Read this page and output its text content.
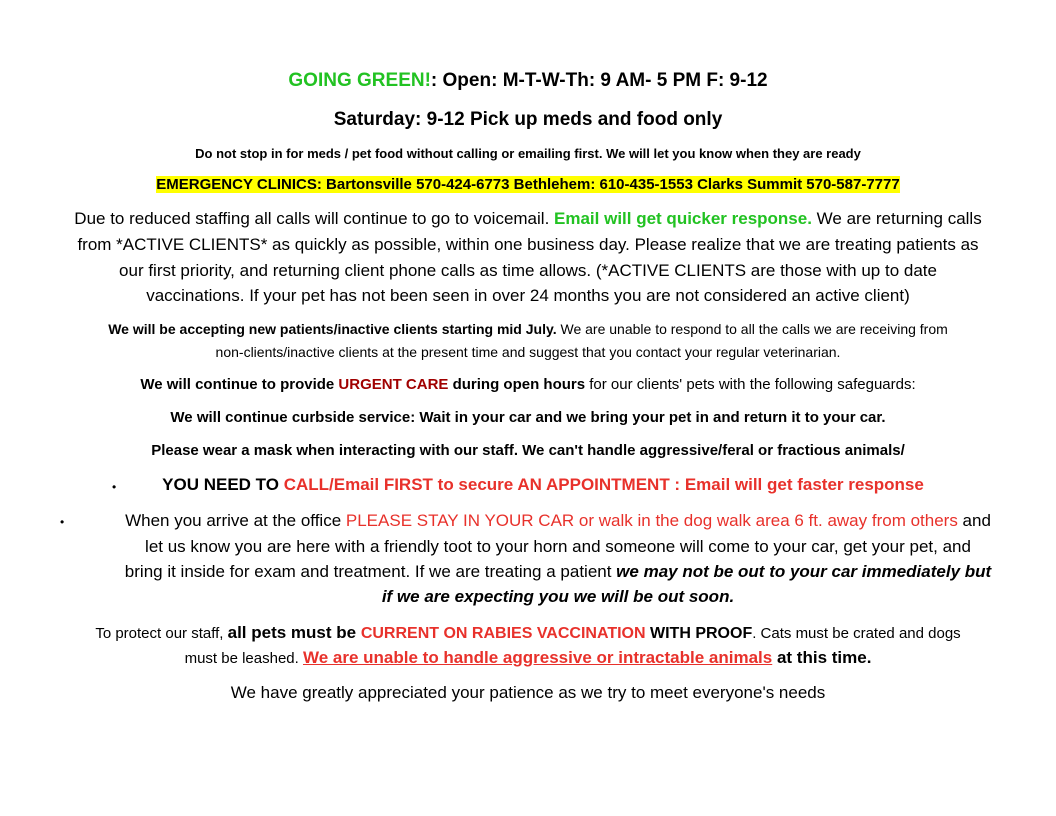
GOING GREEN!: Open: M-T-W-Th: 9 AM- 5 PM F: 9-12
Saturday: 9-12 Pick up meds and food only
Do not stop in for meds / pet food without calling or emailing first. We will let you know when they are ready
EMERGENCY CLINICS: Bartonsville 570-424-6773 Bethlehem: 610-435-1553 Clarks Summit 570-587-7777
Due to reduced staffing all calls will continue to go to voicemail. Email will get quicker response. We are returning calls
from *ACTIVE CLIENTS* as quickly as possible, within one business day. Please realize that we are treating patients as
our first priority, and returning client phone calls as time allows. (*ACTIVE CLIENTS are those with up to date
vaccinations. If your pet has not been seen in over 24 months you are not considered an active client)
We will be accepting new patients/inactive clients starting mid July. We are unable to respond to all the calls we are receiving from
non-clients/inactive clients at the present time and suggest that you contact your regular veterinarian.
We will continue to provide URGENT CARE during open hours for our clients' pets with the following safeguards:
We will continue curbside service: Wait in your car and we bring your pet in and return it to your car.
Please wear a mask when interacting with our staff. We can't handle aggressive/feral or fractious animals/
•	YOU NEED TO CALL/Email FIRST to secure AN APPOINTMENT : Email will get faster response
•	When you arrive at the office PLEASE STAY IN YOUR CAR or walk in the dog walk area 6 ft. away from others and
let us know you are here with a friendly toot to your horn and someone will come to your car, get your pet, and
bring it inside for exam and treatment. If we are treating a patient we may not be out to your car immediately but
if we are expecting you we will be out soon.
To protect our staff, all pets must be CURRENT ON RABIES VACCINATION WITH PROOF. Cats must be crated and dogs
must be leashed. We are unable to handle aggressive or intractable animals at this time.
We have greatly appreciated your patience as we try to meet everyone's needs
